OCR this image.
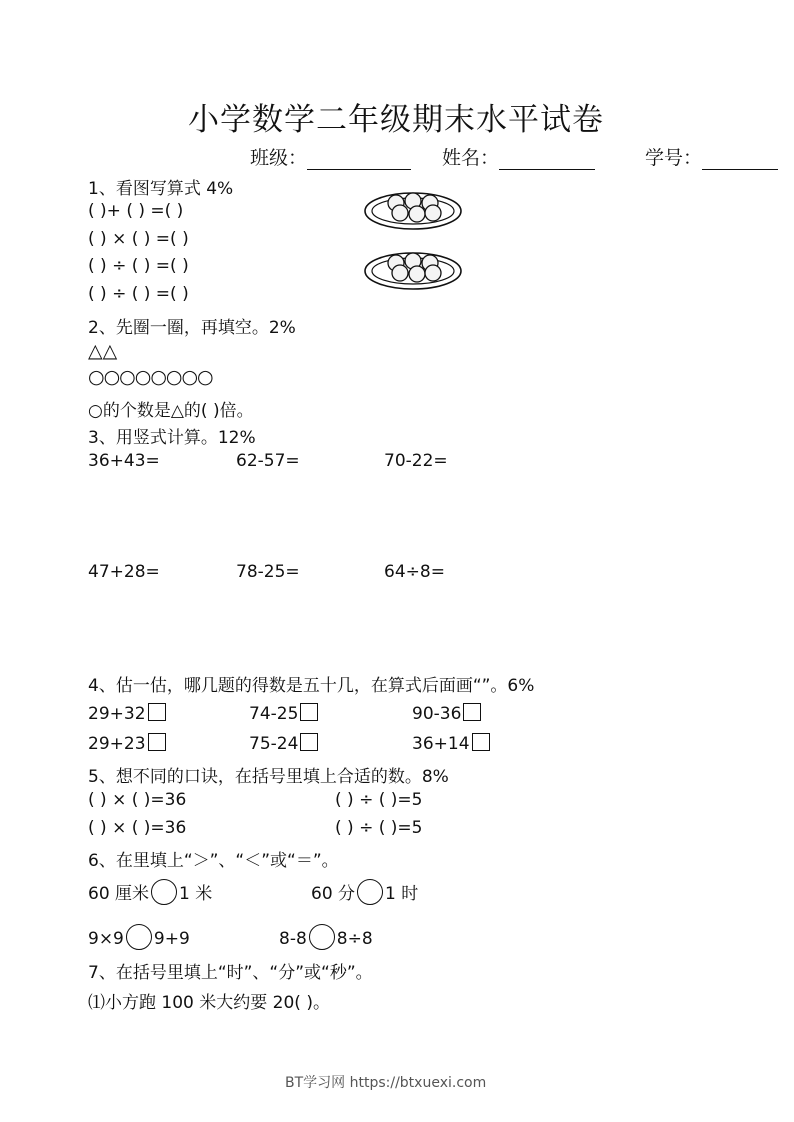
小学数学二年级期末水平试卷
班级：	姓名：	学号：
1、看图写算式 4%
( )+ ( ) =( )
( ) × ( ) =( )
( ) ÷ ( ) =( )
( ) ÷ ( ) =( )
2、先圈一圈，再填空。2%
△△
○○○○○○○○
○的个数是△的( )倍。
3、用竖式计算。12%
36+43=	62-57=	70-22=
47+28=	78-25=	64÷8=
4、估一估，哪几题的得数是五十几，在算式后面画“”。6%
29+32	74-25	90-36
29+23	75-24	36+14
5、想不同的口诀，在括号里填上合适的数。8%
( ) × ( )=36	( ) ÷ ( )=5
( ) × ( )=36	( ) ÷ ( )=5
6、在里填上“＞”、“＜”或“＝”。
60 厘米 1 米	60 分 1 时
9×9 9+9	8-8 8÷8
7、在括号里填上“时”、“分”或“秒”。
⑴小方跑 100 米大约要 20( )。
BT学习网 https://btxuexi.com
